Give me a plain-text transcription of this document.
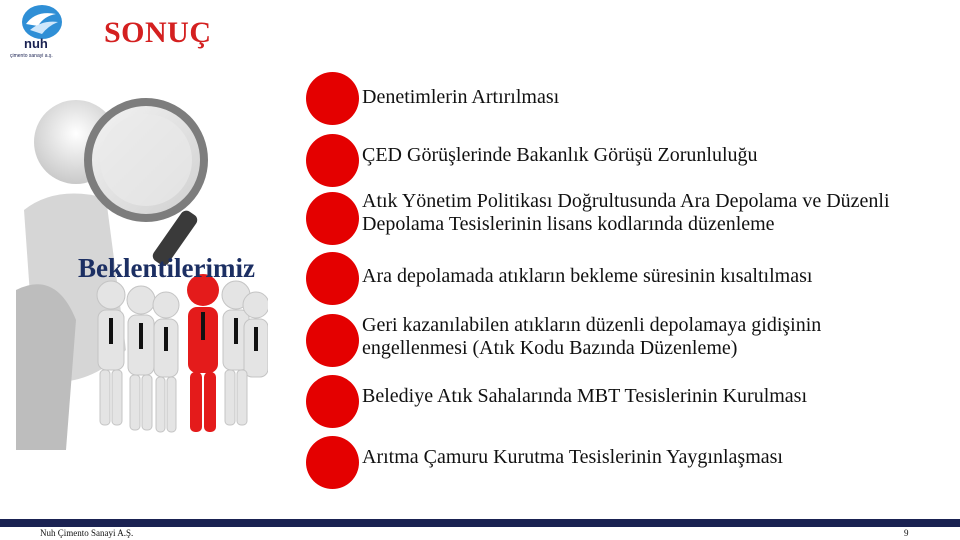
nuh
çimento sanayi a.ş.
SONUÇ
Beklentilerimiz
Denetimlerin Artırılması
ÇED Görüşlerinde Bakanlık Görüşü Zorunluluğu
Atık Yönetim Politikası Doğrultusunda Ara Depolama ve Düzenli Depolama Tesislerinin lisans kodlarında düzenleme
Ara depolamada atıkların bekleme süresinin kısaltılması
Geri kazanılabilen atıkların düzenli depolamaya gidişinin engellenmesi (Atık Kodu Bazında Düzenleme)
Belediye Atık Sahalarında MBT Tesislerinin Kurulması
Arıtma Çamuru Kurutma Tesislerinin Yaygınlaşması
Nuh Çimento Sanayi A.Ş.	9
